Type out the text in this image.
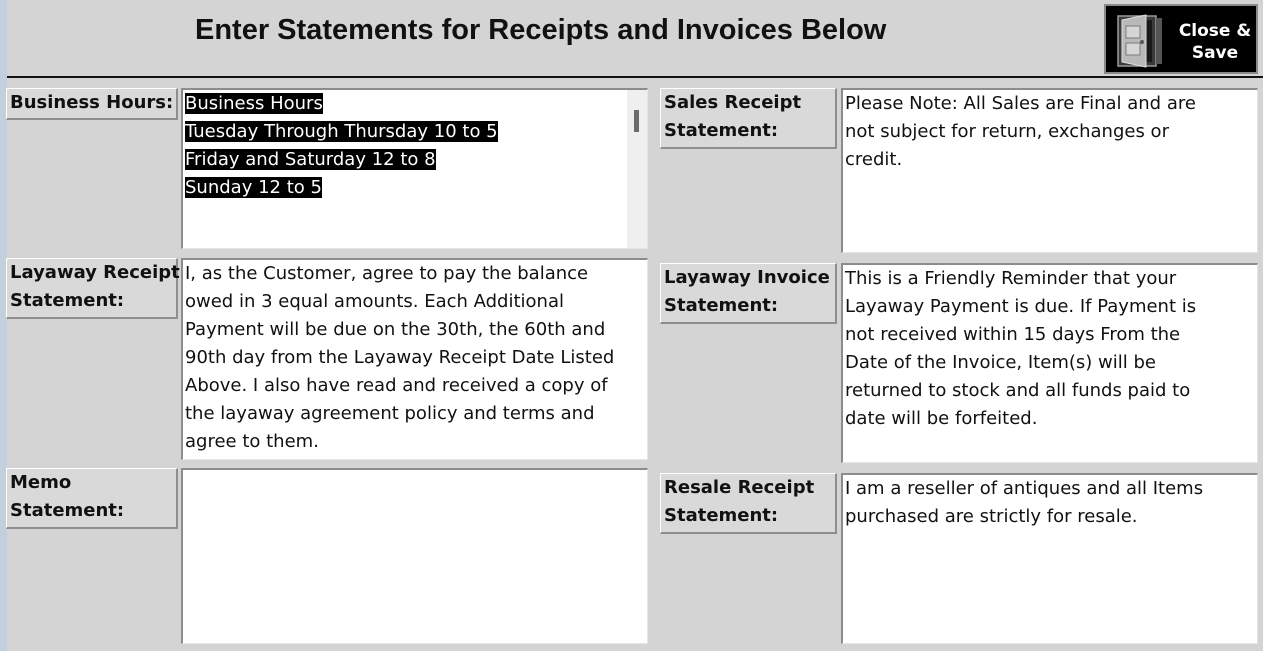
Enter Statements for Receipts and Invoices Below	Close &
Save
Business Hours: Business Hours
Tuesday Through Thursday 10 to 5
Friday and Saturday 12 to 8
Sunday 12 to 5
Layaway Receipt
Statement:
I, as the Customer, agree to pay the balance
owed in 3 equal amounts. Each Additional
Payment will be due on the 30th, the 60th and
90th day from the Layaway Receipt Date Listed
Above. I also have read and received a copy of
the layaway agreement policy and terms and
agree to them.
Memo
Statement:
Sales Receipt
Statement:
Please Note: All Sales are Final and are
not subject for return, exchanges or
credit.
Layaway Invoice
Statement:
This is a Friendly Reminder that your
Layaway Payment is due. If Payment is
not received within 15 days From the
Date of the Invoice, Item(s) will be
returned to stock and all funds paid to
date will be forfeited.
Resale Receipt
Statement:
I am a reseller of antiques and all Items
purchased are strictly for resale.
